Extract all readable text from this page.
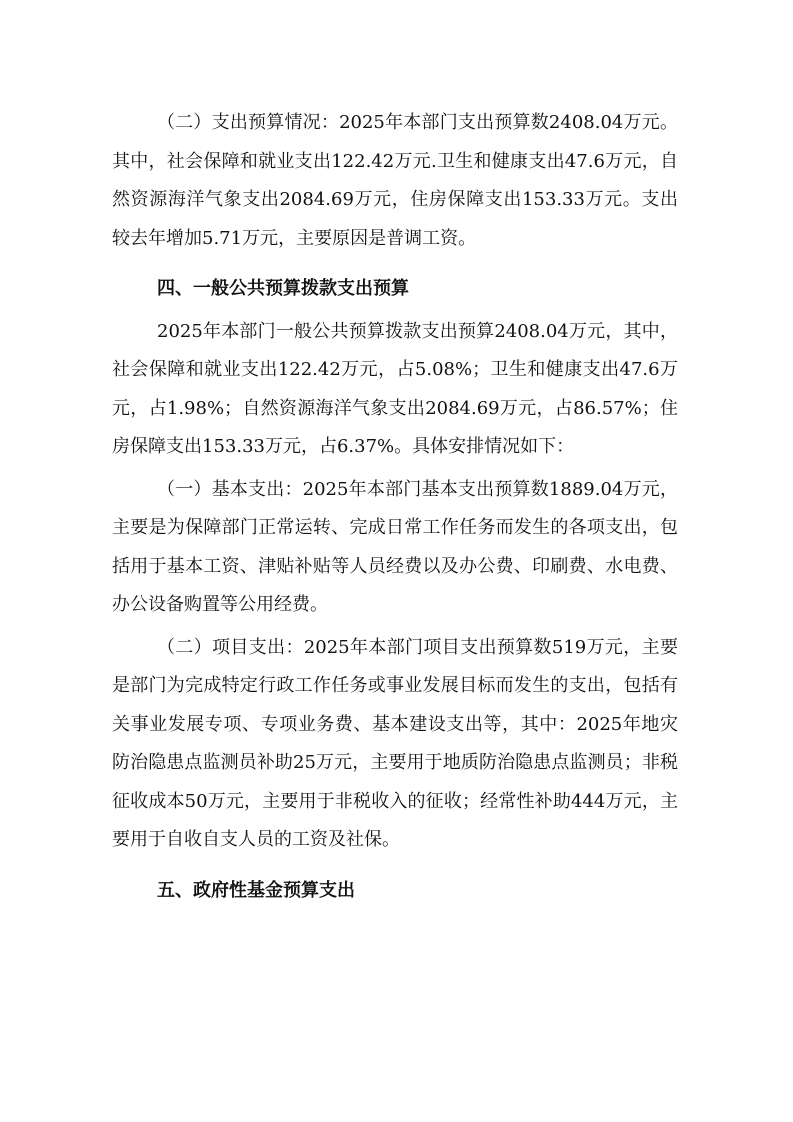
（二）支出预算情况：2025年本部门支出预算数2408.04万元。其中，社会保障和就业支出122.42万元.卫生和健康支出47.6万元，自然资源海洋气象支出2084.69万元，住房保障支出153.33万元。支出较去年增加5.71万元，主要原因是普调工资。

四、一般公共预算拨款支出预算

2025年本部门一般公共预算拨款支出预算2408.04万元，其中，社会保障和就业支出122.42万元，占5.08%；卫生和健康支出47.6万元，占1.98%；自然资源海洋气象支出2084.69万元，占86.57%；住房保障支出153.33万元，占6.37%。具体安排情况如下：

（一）基本支出：2025年本部门基本支出预算数1889.04万元，主要是为保障部门正常运转、完成日常工作任务而发生的各项支出，包括用于基本工资、津贴补贴等人员经费以及办公费、印刷费、水电费、办公设备购置等公用经费。

（二）项目支出：2025年本部门项目支出预算数519万元，主要是部门为完成特定行政工作任务或事业发展目标而发生的支出，包括有关事业发展专项、专项业务费、基本建设支出等，其中：2025年地灾防治隐患点监测员补助25万元，主要用于地质防治隐患点监测员；非税征收成本50万元，主要用于非税收入的征收；经常性补助444万元，主要用于自收自支人员的工资及社保。

五、政府性基金预算支出
